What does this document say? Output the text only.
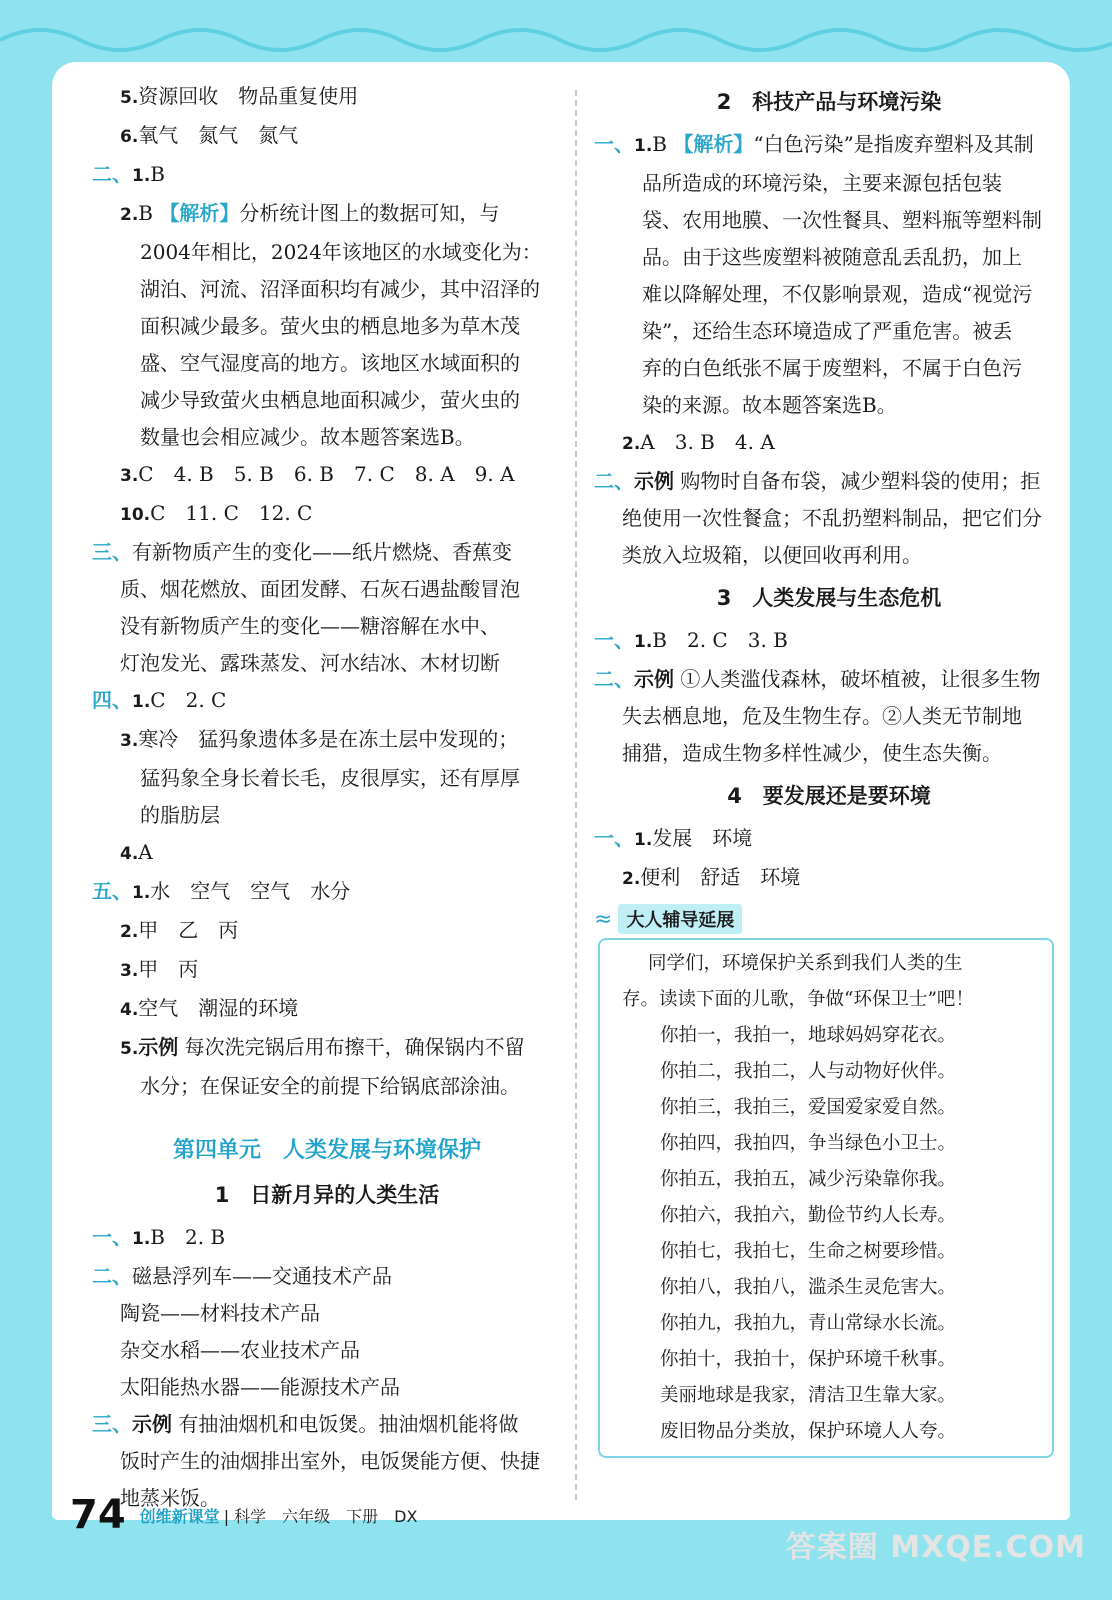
5.资源回收　物品重复使用
6.氧气　氮气　氮气
二、1.B
2.B 【解析】分析统计图上的数据可知，与
2004年相比，2024年该地区的水域变化为：
湖泊、河流、沼泽面积均有减少，其中沼泽的
面积减少最多。萤火虫的栖息地多为草木茂
盛、空气湿度高的地方。该地区水域面积的
减少导致萤火虫栖息地面积减少，萤火虫的
数量也会相应减少。故本题答案选B。
3.C　4. B　5. B　6. B　7. C　8. A　9. A
10.C　11. C　12. C
三、有新物质产生的变化——纸片燃烧、香蕉变
质、烟花燃放、面团发酵、石灰石遇盐酸冒泡
没有新物质产生的变化——糖溶解在水中、
灯泡发光、露珠蒸发、河水结冰、木材切断
四、1.C　2. C
3.寒冷　猛犸象遗体多是在冻土层中发现的；
猛犸象全身长着长毛，皮很厚实，还有厚厚
的脂肪层
4.A
五、1.水　空气　空气　水分
2.甲　乙　丙
3.甲　丙
4.空气　潮湿的环境
5.示例 每次洗完锅后用布擦干，确保锅内不留
水分；在保证安全的前提下给锅底部涂油。
第四单元　人类发展与环境保护
1　日新月异的人类生活
一、1.B　2. B
二、磁悬浮列车——交通技术产品
陶瓷——材料技术产品
杂交水稻——农业技术产品
太阳能热水器——能源技术产品
三、示例 有抽油烟机和电饭煲。抽油烟机能将做
饭时产生的油烟排出室外，电饭煲能方便、快捷
地蒸米饭。
2　科技产品与环境污染
一、1.B 【解析】“白色污染”是指废弃塑料及其制
品所造成的环境污染，主要来源包括包装
袋、农用地膜、一次性餐具、塑料瓶等塑料制
品。由于这些废塑料被随意乱丢乱扔，加上
难以降解处理，不仅影响景观，造成“视觉污
染”，还给生态环境造成了严重危害。被丢
弃的白色纸张不属于废塑料，不属于白色污
染的来源。故本题答案选B。
2.A　3. B　4. A
二、示例 购物时自备布袋，减少塑料袋的使用；拒
绝使用一次性餐盒；不乱扔塑料制品，把它们分
类放入垃圾箱，以便回收再利用。
3　人类发展与生态危机
一、1.B　2. C　3. B
二、示例 ①人类滥伐森林，破坏植被，让很多生物
失去栖息地，危及生物生存。②人类无节制地
捕猎，造成生物多样性减少，使生态失衡。
4　要发展还是要环境
一、1.发展　环境
2.便利　舒适　环境
≈ 大人辅导延展
同学们，环境保护关系到我们人类的生
存。读读下面的儿歌，争做“环保卫士”吧！
你拍一，我拍一，地球妈妈穿花衣。
你拍二，我拍二，人与动物好伙伴。
你拍三，我拍三，爱国爱家爱自然。
你拍四，我拍四，争当绿色小卫士。
你拍五，我拍五，减少污染靠你我。
你拍六，我拍六，勤俭节约人长寿。
你拍七，我拍七，生命之树要珍惜。
你拍八，我拍八，滥杀生灵危害大。
你拍九，我拍九，青山常绿水长流。
你拍十，我拍十，保护环境千秋事。
美丽地球是我家，清洁卫生靠大家。
废旧物品分类放，保护环境人人夸。
74 创维新课堂 | 科学　六年级　下册　DX
答案圈 MXQE.COM
